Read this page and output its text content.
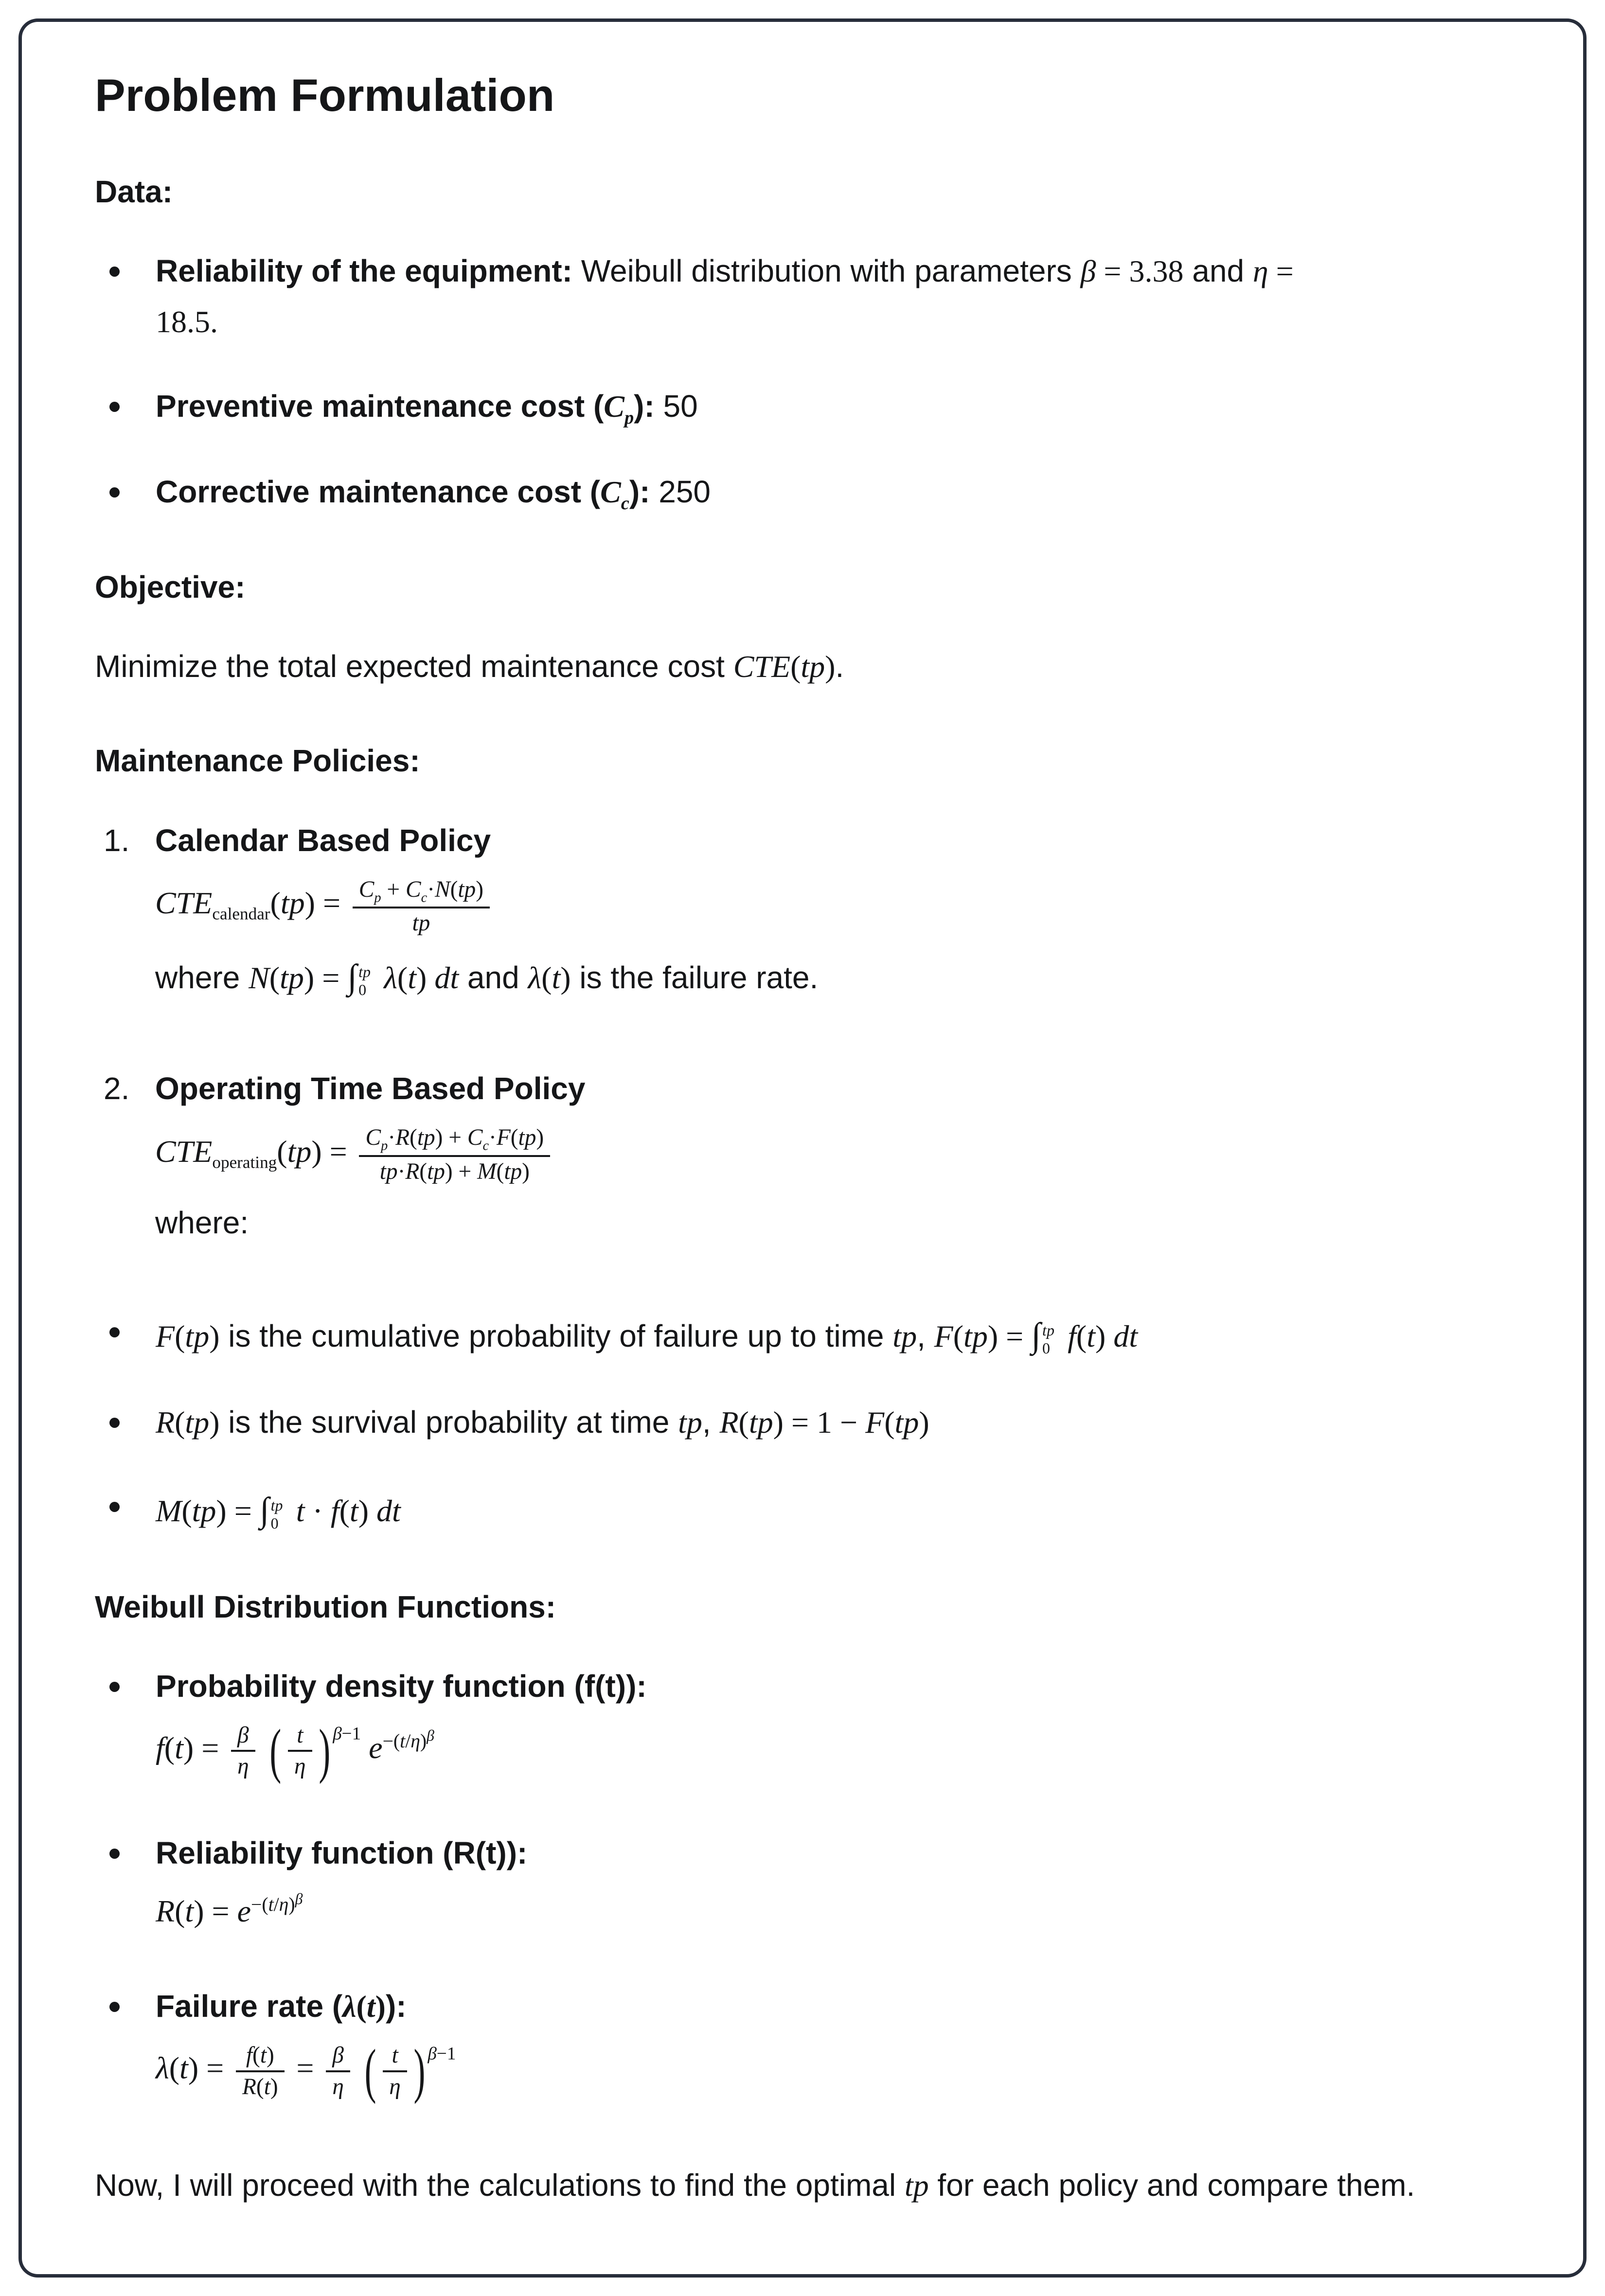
Problem Formulation

Data:

Reliability of the equipment: Weibull distribution with parameters β = 3.38 and η =
18.5.
Preventive maintenance cost $(C_p)$: 50
Corrective maintenance cost $(C_c)$: 250

Objective:

Minimize the total expected maintenance cost CTE(tp).

Maintenance Policies:

1. Calendar Based Policy

CTEcalendar(tp) = $\frac{C_p + C_c\cdot N(tp)}{tp}$

where N(tp) = ∫ tp
0 λ(t) dt and λ(t) is the failure rate.

2. Operating Time Based Policy

CTEoperating(tp) = $\frac{C_p\cdot R(tp) + C_c\cdot F(tp)}{tp\cdot R(tp) + M(tp)}$

where:

F(tp) is the cumulative probability of failure up to time tp, F(tp) = ∫ tp
0 f(t) dt
R(tp) is the survival probability at time tp, R(tp) = 1 − F(tp)
M(tp) = ∫ tp
0 t · f(t) dt

Weibull Distribution Functions:

Probability density function (f(t)):
$f(t) = \frac{\beta}{\eta}$ ( $\frac{t}{\eta}$ ) $^{\beta-1}$ $e^{-(t/\eta)^\beta}$
Reliability function (R(t)):
$R(t) = e^{-(t/\eta)^\beta}$
Failure rate (λ(t)):
$\lambda(t) = \frac{f(t)}{R(t)} = \frac{\beta}{\eta}$ ( $\frac{t}{\eta}$ ) $^{\beta-1}$

Now, I will proceed with the calculations to find the optimal tp for each policy and compare them.
